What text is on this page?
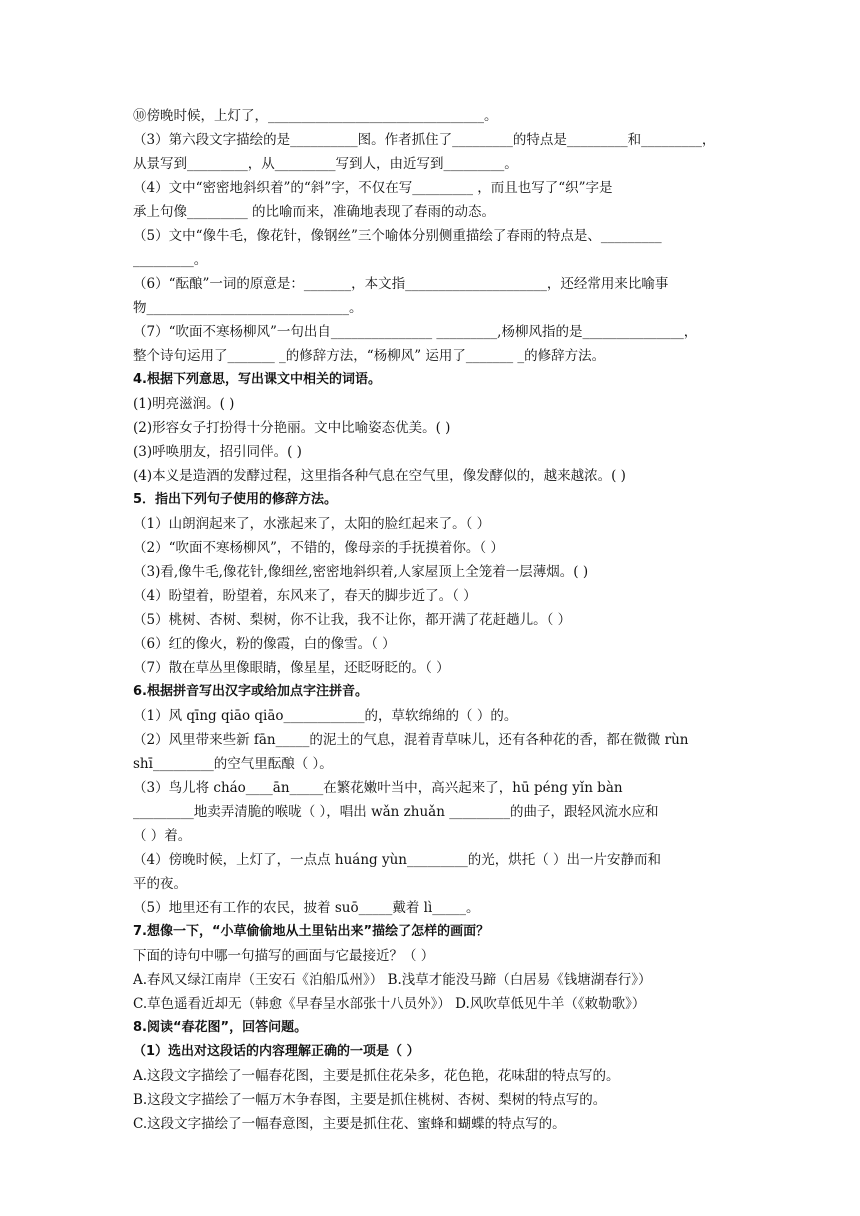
⑩傍晚时候，上灯了，________________________________。
（3）第六段文字描绘的是__________图。作者抓住了_________的特点是_________和_________，
从景写到_________，从_________写到人，由近写到_________。
（4）文中“密密地斜织着”的“斜”字，不仅在写_________ ，而且也写了“织”字是
承上句像_________ 的比喻而来，准确地表现了春雨的动态。
（5）文中“像牛毛，像花针，像钢丝”三个喻体分别侧重描绘了春雨的特点是、_________
_________。
（6）“酝酿”一词的原意是：_______，本文指_____________________，还经常用来比喻事
物______________________________。
（7）“吹面不寒杨柳风”一句出自_______________ _________,杨柳风指的是_______________，
整个诗句运用了_______ _的修辞方法，“杨柳风” 运用了_______ _的修辞方法。
4.根据下列意思，写出课文中相关的词语。
(1)明亮滋润。( )
(2)形容女子打扮得十分艳丽。文中比喻姿态优美。( )
(3)呼唤朋友，招引同伴。( )
(4)本义是造酒的发酵过程，这里指各种气息在空气里，像发酵似的，越来越浓。( )
5．指出下列句子使用的修辞方法。
（1）山朗润起来了，水涨起来了，太阳的脸红起来了。（ ）
（2）“吹面不寒杨柳风”，不错的，像母亲的手抚摸着你。（ ）
（3)看,像牛毛,像花针,像细丝,密密地斜织着,人家屋顶上全笼着一层薄烟。( )
（4）盼望着，盼望着，东风来了，春天的脚步近了。（ ）
（5）桃树、杏树、梨树，你不让我，我不让你，都开满了花赶趟儿。（ ）
（6）红的像火，粉的像霞，白的像雪。（ ）
（7）散在草丛里像眼睛，像星星，还眨呀眨的。（ ）
6.根据拼音写出汉字或给加点字注拼音。
（1）风 qīng qiāo qiāo____________的，草软绵绵的（ ）的。
（2）风里带来些新 fān_____的泥土的气息，混着青草味儿，还有各种花的香，都在微微 rùn
shī_________的空气里酝酿（ ）。
（3）鸟儿将 cháo____ān_____在繁花嫩叶当中，高兴起来了，hū péng yǐn bàn
_________地卖弄清脆的喉咙（ ），唱出 wǎn zhuǎn _________的曲子，跟轻风流水应和
（ ）着。
（4）傍晚时候，上灯了，一点点 huáng yùn_________的光，烘托（ ）出一片安静而和
平的夜。
（5）地里还有工作的农民，披着 suō_____戴着 lì_____。
7.想像一下，“小草偷偷地从土里钻出来”描绘了怎样的画面？
下面的诗句中哪一句描写的画面与它最接近？（ ）
A.春风又绿江南岸（王安石《泊船瓜州》） B.浅草才能没马蹄（白居易《钱塘湖春行》）
C.草色遥看近却无（韩愈《早春呈水部张十八员外》） D.风吹草低见牛羊（《敕勒歌》）
8.阅读“春花图”，回答问题。
（1）选出对这段话的内容理解正确的一项是（ ）
A.这段文字描绘了一幅春花图，主要是抓住花朵多，花色艳，花味甜的特点写的。
B.这段文字描绘了一幅万木争春图，主要是抓住桃树、杏树、梨树的特点写的。
C.这段文字描绘了一幅春意图，主要是抓住花、蜜蜂和蝴蝶的特点写的。
